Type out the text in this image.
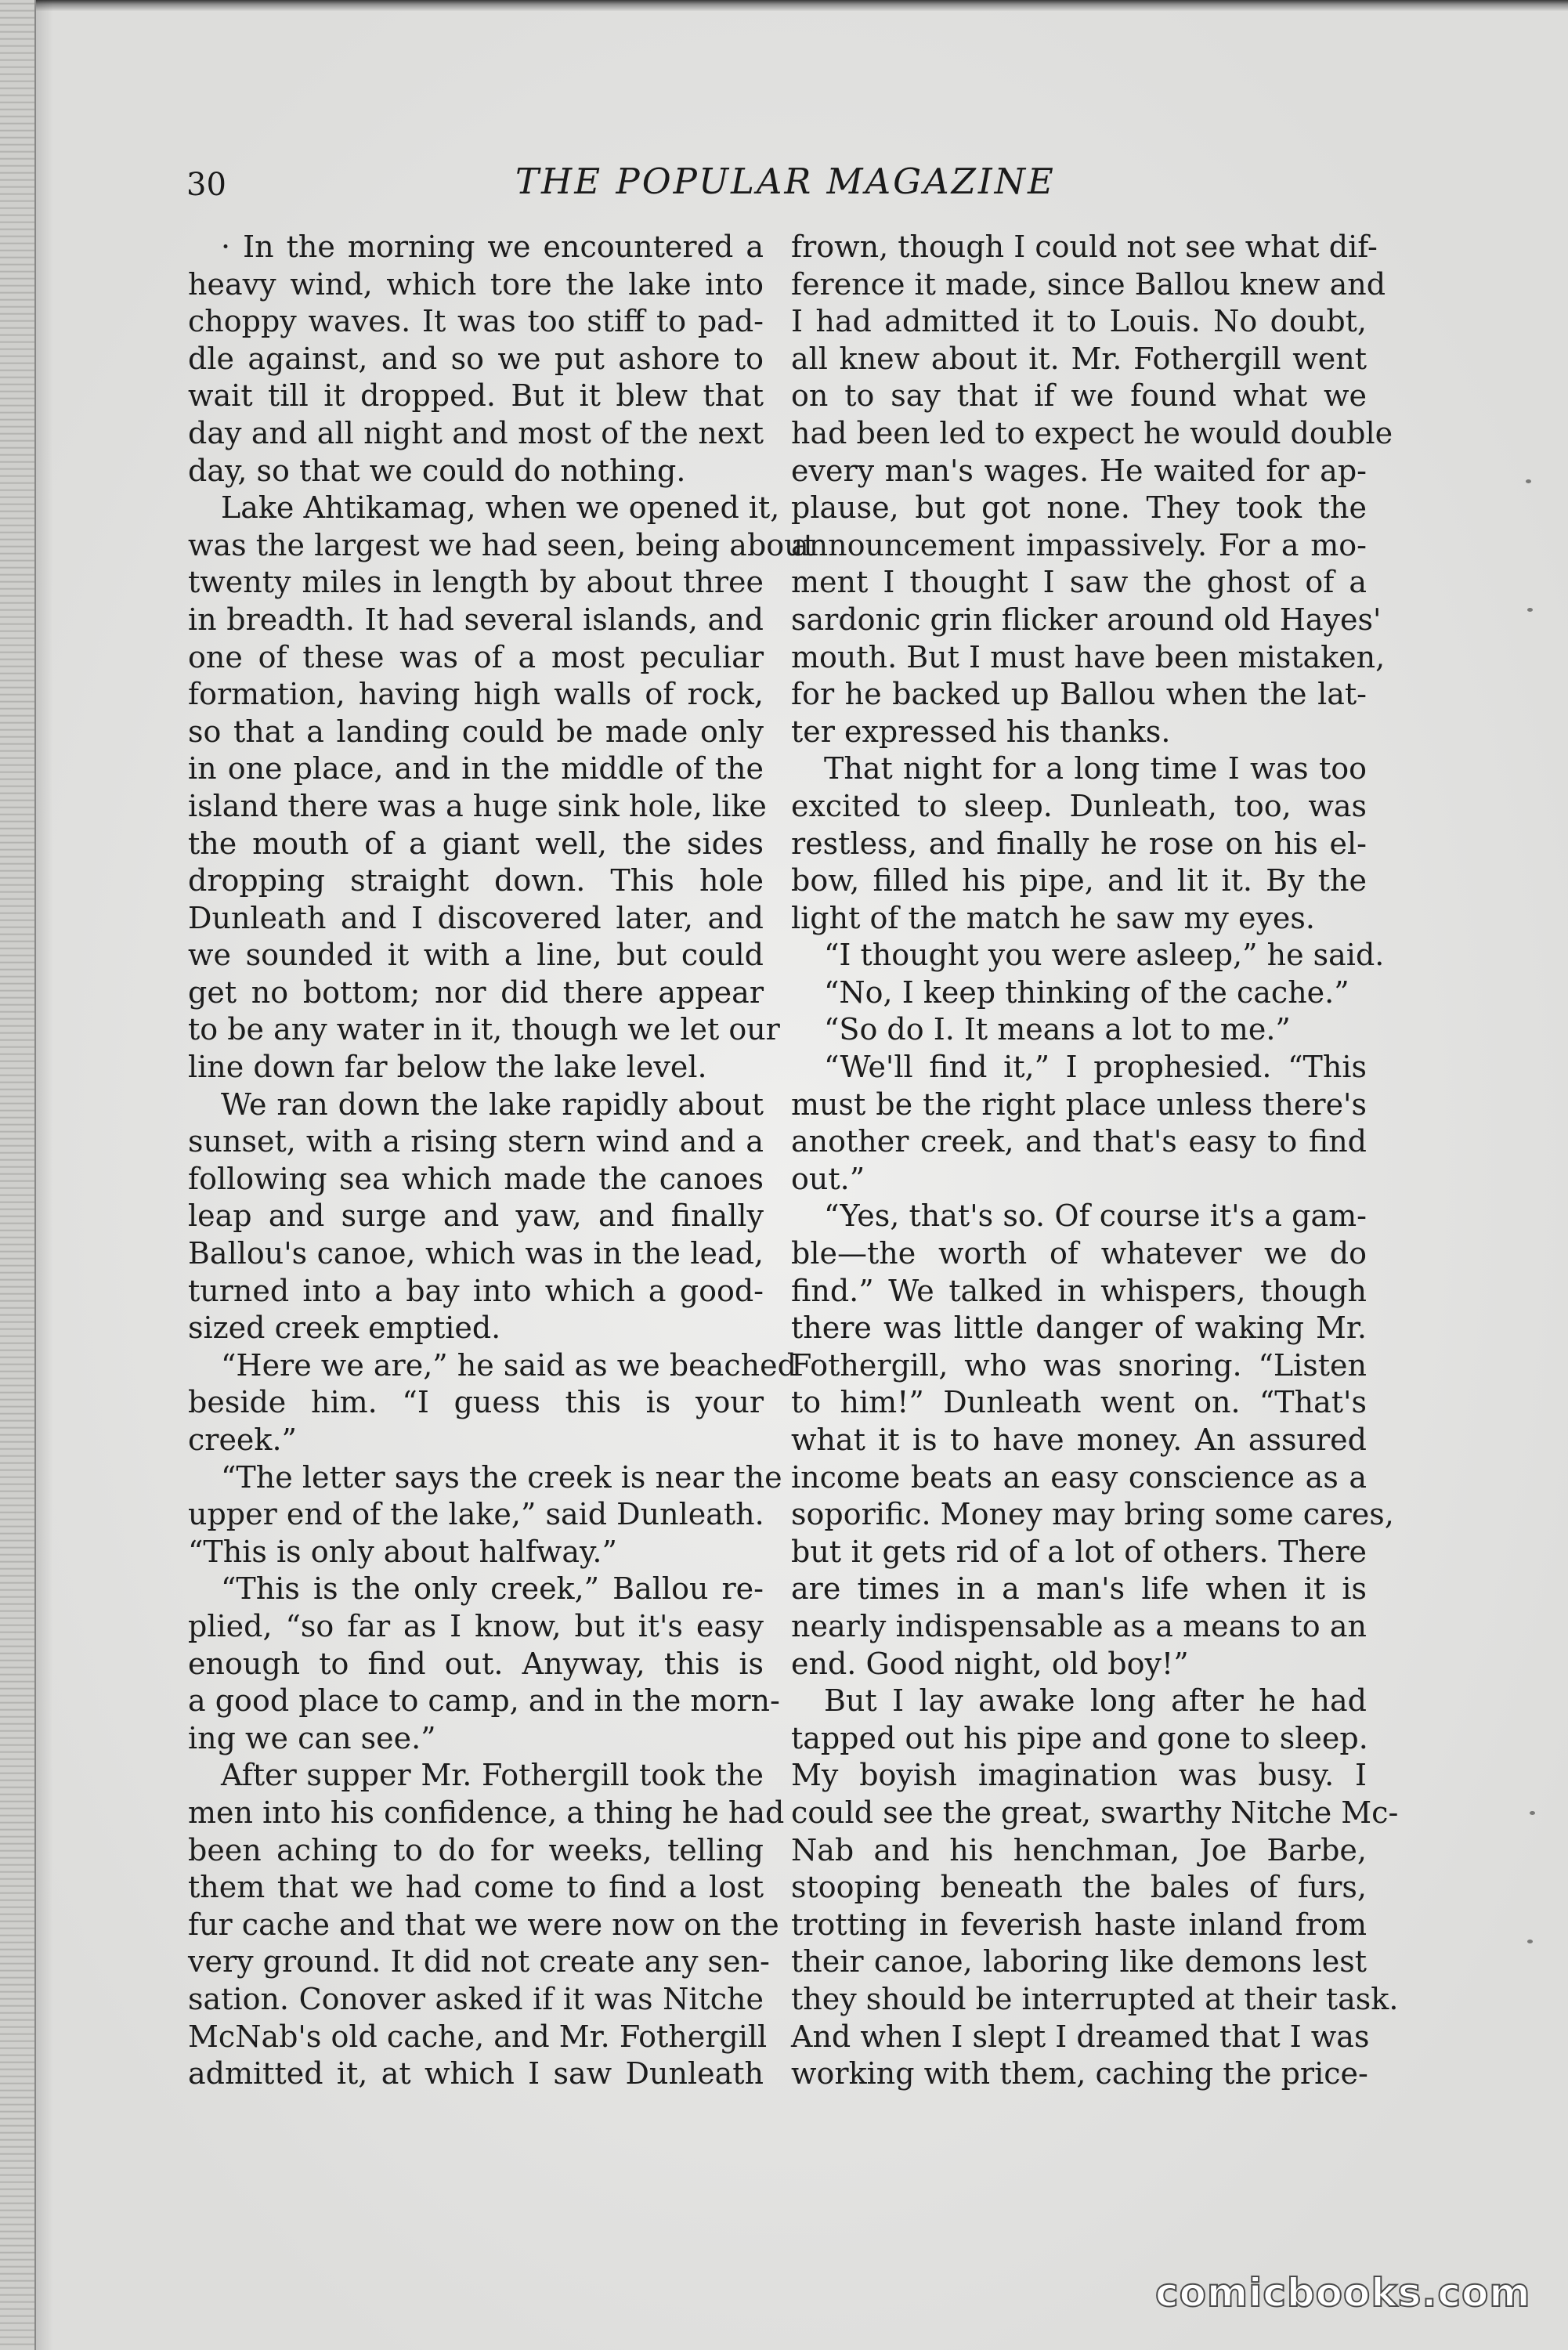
30	THE POPULAR MAGAZINE
· In the morning we encountered a
heavy wind, which tore the lake into
choppy waves. It was too stiff to pad-
dle against, and so we put ashore to
wait till it dropped. But it blew that
day and all night and most of the next
day, so that we could do nothing.
Lake Ahtikamag, when we opened it,
was the largest we had seen, being about
twenty miles in length by about three
in breadth. It had several islands, and
one of these was of a most peculiar
formation, having high walls of rock,
so that a landing could be made only
in one place, and in the middle of the
island there was a huge sink hole, like
the mouth of a giant well, the sides
dropping straight down. This hole
Dunleath and I discovered later, and
we sounded it with a line, but could
get no bottom; nor did there appear
to be any water in it, though we let our
line down far below the lake level.
We ran down the lake rapidly about
sunset, with a rising stern wind and a
following sea which made the canoes
leap and surge and yaw, and finally
Ballou's canoe, which was in the lead,
turned into a bay into which a good-
sized creek emptied.
“Here we are,” he said as we beached
beside him. “I guess this is your
creek.”
“The letter says the creek is near the
upper end of the lake,” said Dunleath.
“This is only about halfway.”
“This is the only creek,” Ballou re-
plied, “so far as I know, but it's easy
enough to find out. Anyway, this is
a good place to camp, and in the morn-
ing we can see.”
After supper Mr. Fothergill took the
men into his confidence, a thing he had
been aching to do for weeks, telling
them that we had come to find a lost
fur cache and that we were now on the
very ground. It did not create any sen-
sation. Conover asked if it was Nitche
McNab's old cache, and Mr. Fothergill
admitted it, at which I saw Dunleath
frown, though I could not see what dif-
ference it made, since Ballou knew and
I had admitted it to Louis. No doubt,
all knew about it. Mr. Fothergill went
on to say that if we found what we
had been led to expect he would double
every man's wages. He waited for ap-
plause, but got none. They took the
announcement impassively. For a mo-
ment I thought I saw the ghost of a
sardonic grin flicker around old Hayes'
mouth. But I must have been mistaken,
for he backed up Ballou when the lat-
ter expressed his thanks.
That night for a long time I was too
excited to sleep. Dunleath, too, was
restless, and finally he rose on his el-
bow, filled his pipe, and lit it. By the
light of the match he saw my eyes.
“I thought you were asleep,” he said.
“No, I keep thinking of the cache.”
“So do I. It means a lot to me.”
“We'll find it,” I prophesied. “This
must be the right place unless there's
another creek, and that's easy to find
out.”
“Yes, that's so. Of course it's a gam-
ble—the worth of whatever we do
find.” We talked in whispers, though
there was little danger of waking Mr.
Fothergill, who was snoring. “Listen
to him!” Dunleath went on. “That's
what it is to have money. An assured
income beats an easy conscience as a
soporific. Money may bring some cares,
but it gets rid of a lot of others. There
are times in a man's life when it is
nearly indispensable as a means to an
end. Good night, old boy!”
But I lay awake long after he had
tapped out his pipe and gone to sleep.
My boyish imagination was busy. I
could see the great, swarthy Nitche Mc-
Nab and his henchman, Joe Barbe,
stooping beneath the bales of furs,
trotting in feverish haste inland from
their canoe, laboring like demons lest
they should be interrupted at their task.
And when I slept I dreamed that I was
working with them, caching the price-
comicbooks.com
